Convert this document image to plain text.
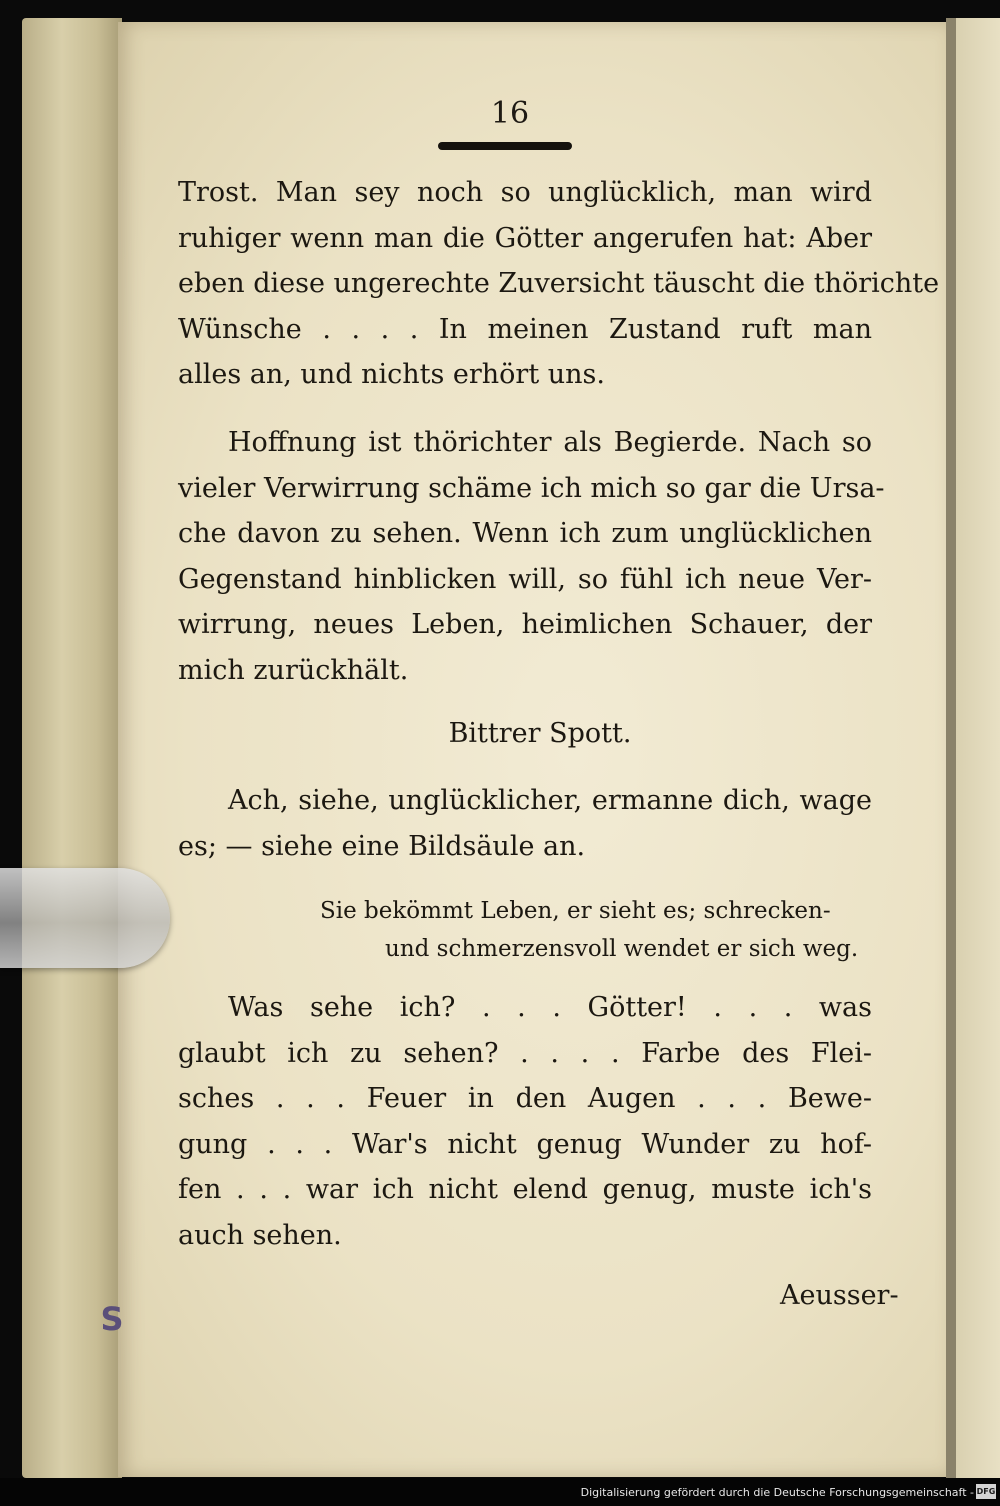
16

Trost. Man sey noch so unglücklich, man wird
ruhiger wenn man die Götter angerufen hat: Aber
eben diese ungerechte Zuversicht täuscht die thörichte
Wünsche . . . . In meinen Zustand ruft man
alles an, und nichts erhört uns.

Hoffnung ist thörichter als Begierde. Nach so
vieler Verwirrung schäme ich mich so gar die Ursa-
che davon zu sehen. Wenn ich zum unglücklichen
Gegenstand hinblicken will, so fühl ich neue Ver-
wirrung, neues Leben, heimlichen Schauer, der
mich zurückhält.

Bittrer Spott.

Ach, siehe, unglücklicher, ermanne dich, wage
es; — siehe eine Bildsäule an.

Sie bekömmt Leben, er sieht es; schrecken-
und schmerzensvoll wendet er sich weg.

Was sehe ich? . . . Götter! . . . was
glaubt ich zu sehen? . . . . Farbe des Flei-
sches . . . Feuer in den Augen . . . Bewe-
gung . . . War's nicht genug Wunder zu hof-
fen . . . war ich nicht elend genug, muste ich's
auch sehen.

Aeusser-
S
Digitalisierung gefördert durch die Deutsche Forschungsgemeinschaft - DFG
